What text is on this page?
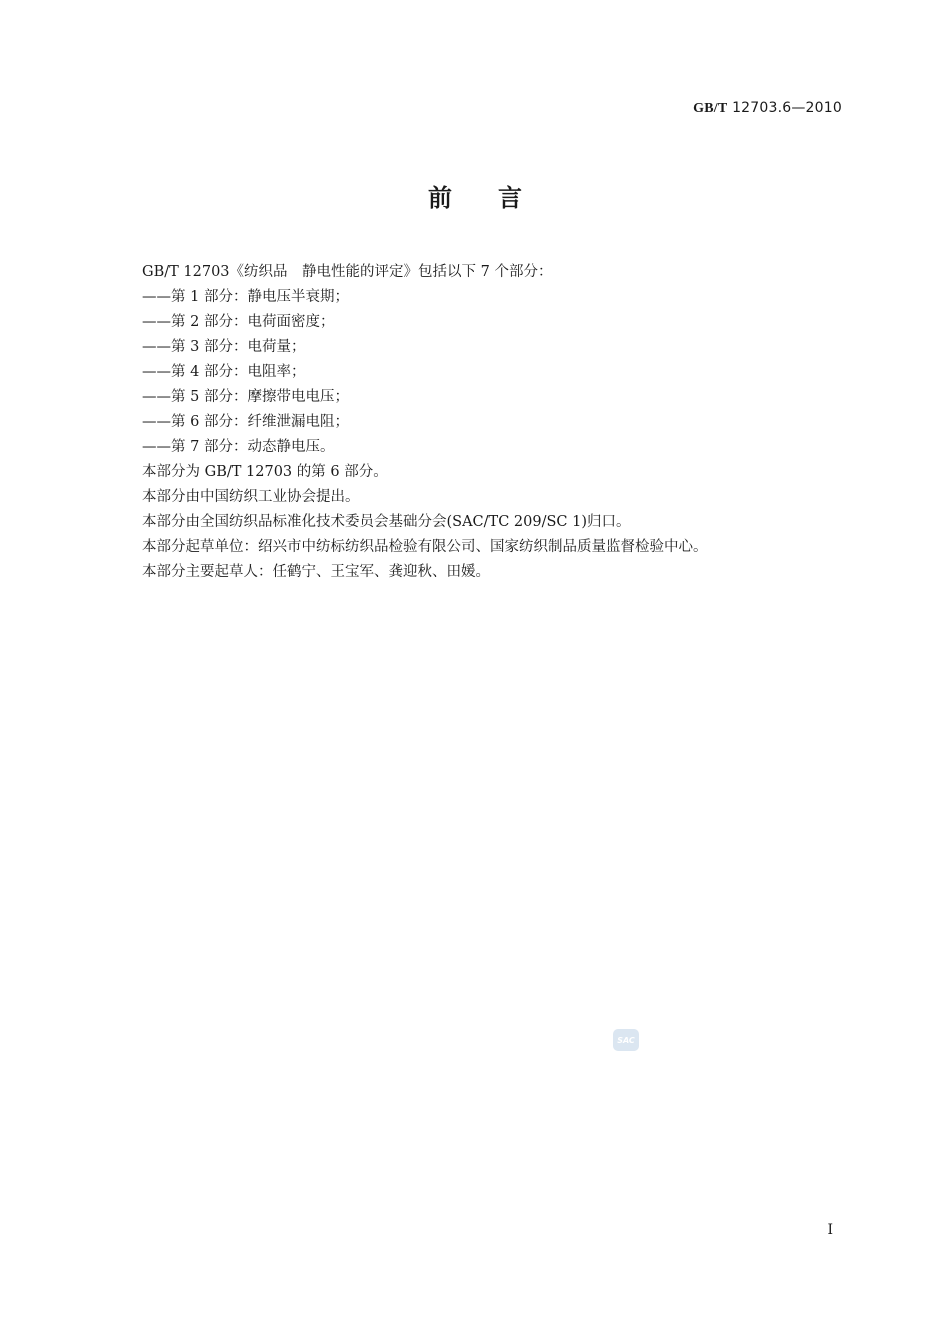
GB/T 12703.6—2010
前言
GB/T 12703《纺织品　静电性能的评定》包括以下 7 个部分：
——第 1 部分：静电压半衰期；
——第 2 部分：电荷面密度；
——第 3 部分：电荷量；
——第 4 部分：电阻率；
——第 5 部分：摩擦带电电压；
——第 6 部分：纤维泄漏电阻；
——第 7 部分：动态静电压。
本部分为 GB/T 12703 的第 6 部分。
本部分由中国纺织工业协会提出。
本部分由全国纺织品标准化技术委员会基础分会(SAC/TC 209/SC 1)归口。
本部分起草单位：绍兴市中纺标纺织品检验有限公司、国家纺织制品质量监督检验中心。
本部分主要起草人：任鹤宁、王宝军、龚迎秋、田媛。
SAC
I
